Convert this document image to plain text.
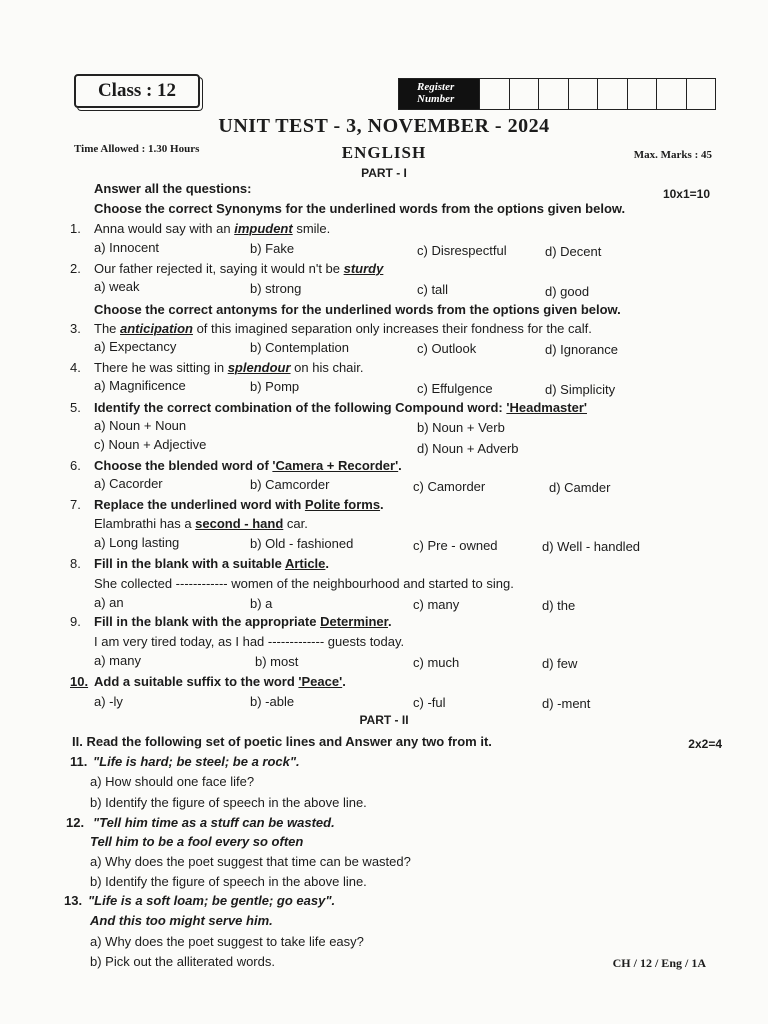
Class : 12	Register
Number
UNIT TEST - 3, NOVEMBER - 2024
Time Allowed : 1.30 Hours	ENGLISH	Max. Marks : 45
PART - I
Answer all the questions:	10x1=10
Choose the correct Synonyms for the underlined words from the options given below.
1. Anna would say with an impudent smile.
a) Innocent	b) Fake	c) Disrespectful	d) Decent
2. Our father rejected it, saying it would n't be sturdy
a) weak	b) strong	c) tall	d) good
Choose the correct antonyms for the underlined words from the options given below.
3. The anticipation of this imagined separation only increases their fondness for the calf.
a) Expectancy	b) Contemplation	c) Outlook	d) Ignorance
4. There he was sitting in splendour on his chair.
a) Magnificence	b) Pomp	c) Effulgence	d) Simplicity
5. Identify the correct combination of the following Compound word: 'Headmaster'
a) Noun + Noun	b) Noun + Verb
c) Noun + Adjective	d) Noun + Adverb
6. Choose the blended word of 'Camera + Recorder'.
a) Cacorder	b) Camcorder	c) Camorder	d) Camder
7. Replace the underlined word with Polite forms.
Elambrathi has a second - hand car.
a) Long lasting	b) Old - fashioned	c) Pre - owned	d) Well - handled
8. Fill in the blank with a suitable Article.
She collected ------------ women of the neighbourhood and started to sing.
a) an	b) a	c) many	d) the
9. Fill in the blank with the appropriate Determiner.
I am very tired today, as I had ------------- guests today.
a) many	b) most	c) much	d) few
10. Add a suitable suffix to the word 'Peace'.
a) -ly	b) -able	c) -ful	d) -ment
PART - II
II. Read the following set of poetic lines and Answer any two from it.	2x2=4
11. "Life is hard; be steel; be a rock".
a) How should one face life?
b) Identify the figure of speech in the above line.
12. "Tell him time as a stuff can be wasted.
Tell him to be a fool every so often
a) Why does the poet suggest that time can be wasted?
b) Identify the figure of speech in the above line.
13. "Life is a soft loam; be gentle; go easy".
And this too might serve him.
a) Why does the poet suggest to take life easy?
b) Pick out the alliterated words.	CH / 12 / Eng / 1A
